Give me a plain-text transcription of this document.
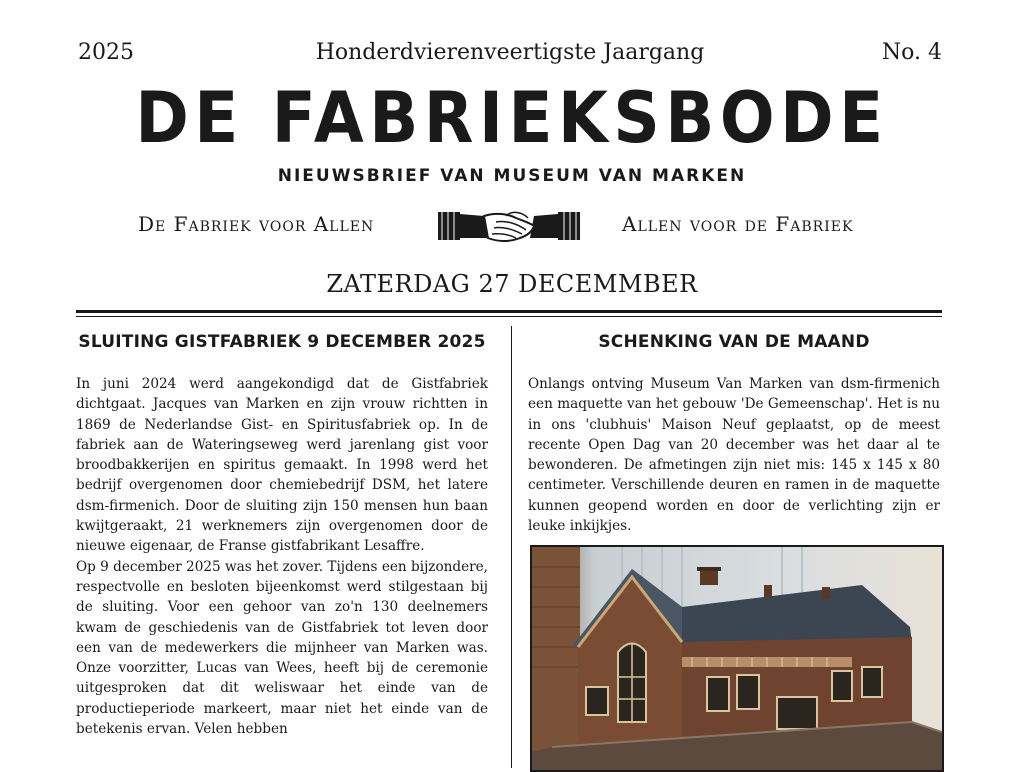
2025	Honderdvierenveertigste Jaargang	No. 4
DE FABRIEKSBODE
NIEUWSBRIEF VAN MUSEUM VAN MARKEN
De Fabriek voor Allen	Allen voor de Fabriek
ZATERDAG 27 DECEMMBER
SLUITING GISTFABRIEK 9 DECEMBER 2025

In juni 2024 werd aangekondigd dat de Gistfabriek dichtgaat. Jacques van Marken en zijn vrouw richtten in 1869 de Nederlandse Gist- en Spiritusfabriek op. In de fabriek aan de Wateringseweg werd jarenlang gist voor broodbakkerijen en spiritus gemaakt. In 1998 werd het bedrijf overgenomen door chemiebedrijf DSM, het latere dsm-firmenich. Door de sluiting zijn 150 mensen hun baan kwijtgeraakt, 21 werknemers zijn overgenomen door de nieuwe eigenaar, de Franse gistfabrikant Lesaffre.

Op 9 december 2025 was het zover. Tijdens een bijzondere, respectvolle en besloten bijeenkomst werd stilgestaan bij de sluiting. Voor een gehoor van zo'n 130 deelnemers kwam de geschiedenis van de Gistfabriek tot leven door een van de medewerkers die mijnheer van Marken was. Onze voorzitter, Lucas van Wees, heeft bij de ceremonie uitgesproken dat dit weliswaar het einde van de productieperiode markeert, maar niet het einde van de betekenis ervan. Velen hebben

SCHENKING VAN DE MAAND

Onlangs ontving Museum Van Marken van dsm-firmenich een maquette van het gebouw 'De Gemeenschap'. Het is nu in ons 'clubhuis' Maison Neuf geplaatst, op de meest recente Open Dag van 20 december was het daar al te bewonderen. De afmetingen zijn niet mis: 145 x 145 x 80 centimeter. Verschillende deuren en ramen in de maquette kunnen geopend worden en door de verlichting zijn er leuke inkijkjes.
